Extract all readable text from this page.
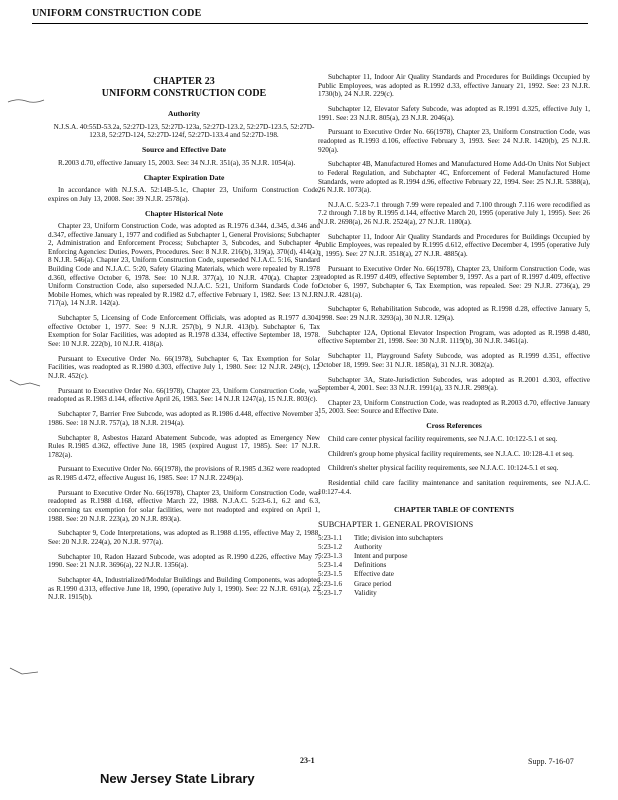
UNIFORM CONSTRUCTION CODE
CHAPTER 23
UNIFORM CONSTRUCTION CODE
Authority

N.J.S.A. 40:55D-53.2a, 52:27D-123, 52:27D-123a, 52:27D-123.2, 52:27D-123.5, 52:27D-123.8, 52:27D-124, 52:27D-124f, 52:27D-133.4 and 52:27D-198.

Source and Effective Date

R.2003 d.70, effective January 15, 2003. See: 34 N.J.R. 351(a), 35 N.J.R. 1054(a).

Chapter Expiration Date

In accordance with N.J.S.A. 52:14B-5.1c, Chapter 23, Uniform Construction Code, expires on July 13, 2008. See: 39 N.J.R. 2578(a).

Chapter Historical Note

Chapter 23, Uniform Construction Code, was adopted as R.1976 d.344, d.345, d.346 and d.347, effective January 1, 1977 and codified as Subchapter 1, General Provisions; Subchapter 2, Administration and Enforcement Process; Subchapter 3, Subcodes, and Subchapter 4, Enforcing Agencies: Duties, Powers, Procedures. See: 8 N.J.R. 216(b), 319(a), 370(d), 414(a); 8 N.J.R. 546(a). Chapter 23, Uniform Construction Code, superseded N.J.A.C. 5:16, Standard Building Code and N.J.A.C. 5:20, Safety Glazing Materials, which were repealed by R.1978 d.360, effective October 6, 1978. See: 10 N.J.R. 377(a), 10 N.J.R. 470(a). Chapter 23, Uniform Construction Code, also superseded N.J.A.C. 5:21, Uniform Standards Code for Mobile Homes, which was repealed by R.1982 d.7, effective February 1, 1982. See: 13 N.J.R. 717(a), 14 N.J.R. 142(a).

Subchapter 5, Licensing of Code Enforcement Officials, was adopted as R.1977 d.304, effective October 1, 1977. See: 9 N.J.R. 257(b), 9 N.J.R. 413(b). Subchapter 6, Tax Exemption for Solar Facilities, was adopted as R.1978 d.334, effective September 18, 1978. See: 10 N.J.R. 222(b), 10 N.J.R. 418(a).

Pursuant to Executive Order No. 66(1978), Subchapter 6, Tax Exemption for Solar Facilities, was readopted as R.1980 d.303, effective July 1, 1980. See: 12 N.J.R. 249(c), 12 N.J.R. 452(c).

Pursuant to Executive Order No. 66(1978), Chapter 23, Uniform Construction Code, was readopted as R.1983 d.144, effective April 26, 1983. See: 14 N.J.R 1247(a), 15 N.J.R. 803(c).

Subchapter 7, Barrier Free Subcode, was adopted as R.1986 d.448, effective November 3, 1986. See: 18 N.J.R. 757(a), 18 N.J.R. 2194(a).

Subchapter 8, Asbestos Hazard Abatement Subcode, was adopted as Emergency New Rules R.1985 d.362, effective June 18, 1985 (expired August 17, 1985). See: 17 N.J.R. 1782(a).

Pursuant to Executive Order No. 66(1978), the provisions of R.1985 d.362 were readopted as R.1985 d.472, effective August 16, 1985. See: 17 N.J.R. 2249(a).

Pursuant to Executive Order No. 66(1978), Chapter 23, Uniform Construction Code, was readopted as R.1988 d.168, effective March 22, 1988. N.J.A.C. 5:23-6.1, 6.2 and 6.3, concerning tax exemption for solar facilities, were not readopted and expired on April 1, 1988. See: 20 N.J.R. 223(a), 20 N.J.R. 893(a).

Subchapter 9, Code Interpretations, was adopted as R.1988 d.195, effective May 2, 1988. See: 20 N.J.R. 224(a), 20 N.J.R. 977(a).

Subchapter 10, Radon Hazard Subcode, was adopted as R.1990 d.226, effective May 7, 1990. See: 21 N.J.R. 3696(a), 22 N.J.R. 1356(a).

Subchapter 4A, Industrialized/Modular Buildings and Building Components, was adopted as R.1990 d.313, effective June 18, 1990, (operative July 1, 1990). See: 22 N.J.R. 691(a), 22 N.J.R. 1915(b).

Subchapter 11, Indoor Air Quality Standards and Procedures for Buildings Occupied by Public Employees, was adopted as R.1992 d.33, effective January 21, 1992. See: 23 N.J.R. 1730(b), 24 N.J.R. 229(c).

Subchapter 12, Elevator Safety Subcode, was adopted as R.1991 d.325, effective July 1, 1991. See: 23 N.J.R. 805(a), 23 N.J.R. 2046(a).

Pursuant to Executive Order No. 66(1978), Chapter 23, Uniform Construction Code, was readopted as R.1993 d.106, effective February 3, 1993. See: 24 N.J.R. 1420(b), 25 N.J.R. 920(a).

Subchapter 4B, Manufactured Homes and Manufactured Home Add-On Units Not Subject to Federal Regulation, and Subchapter 4C, Enforcement of Federal Manufactured Home Standards, were adopted as R.1994 d.96, effective February 22, 1994. See: 25 N.J.R. 5388(a), 26 N.J.R. 1073(a).

N.J.A.C. 5:23-7.1 through 7.99 were repealed and 7.100 through 7.116 were recodified as 7.2 through 7.18 by R.1995 d.144, effective March 20, 1995 (operative July 1, 1995). See: 26 N.J.R. 2698(a), 26 N.J.R. 2524(a), 27 N.J.R. 1180(a).

Subchapter 11, Indoor Air Quality Standards and Procedures for Buildings Occupied by Public Employees, was repealed by R.1995 d.612, effective December 4, 1995 (operative July 1, 1995). See: 27 N.J.R. 3518(a), 27 N.J.R. 4885(a).

Pursuant to Executive Order No. 66(1978), Chapter 23, Uniform Construction Code, was readopted as R.1997 d.409, effective September 9, 1997. As a part of R.1997 d.409, effective October 6, 1997, Subchapter 6, Tax Exemption, was repealed. See: 29 N.J.R. 2736(a), 29 N.J.R. 4281(a).

Subchapter 6, Rehabilitation Subcode, was adopted as R.1998 d.28, effective January 5, 1998. See: 29 N.J.R. 3293(a), 30 N.J.R. 129(a).

Subchapter 12A, Optional Elevator Inspection Program, was adopted as R.1998 d.480, effective September 21, 1998. See: 30 N.J.R. 1119(b), 30 N.J.R. 3461(a).

Subchapter 11, Playground Safety Subcode, was adopted as R.1999 d.351, effective October 18, 1999. See: 31 N.J.R. 1858(a), 31 N.J.R. 3082(a).

Subchapter 3A, State-Jurisdiction Subcodes, was adopted as R.2001 d.303, effective September 4, 2001. See: 33 N.J.R. 1991(a), 33 N.J.R. 2989(a).

Chapter 23, Uniform Construction Code, was readopted as R.2003 d.70, effective January 15, 2003. See: Source and Effective Date.

Cross References

Child care center physical facility requirements, see N.J.A.C. 10:122-5.1 et seq.

Children's group home physical facility requirements, see N.J.A.C. 10:128-4.1 et seq.

Children's shelter physical facility requirements, see N.J.A.C. 10:124-5.1 et seq.

Residential child care facility maintenance and sanitation requirements, see N.J.A.C. 10:127-4.4.

CHAPTER TABLE OF CONTENTS
SUBCHAPTER 1. GENERAL PROVISIONS
5:23-1.1	Title; division into subchapters
5:23-1.2	Authority
5:23-1.3	Intent and purpose
5:23-1.4	Definitions
5:23-1.5	Effective date
5:23-1.6	Grace period
5:23-1.7	Validity
23-1	Supp. 7-16-07
New Jersey State Library
